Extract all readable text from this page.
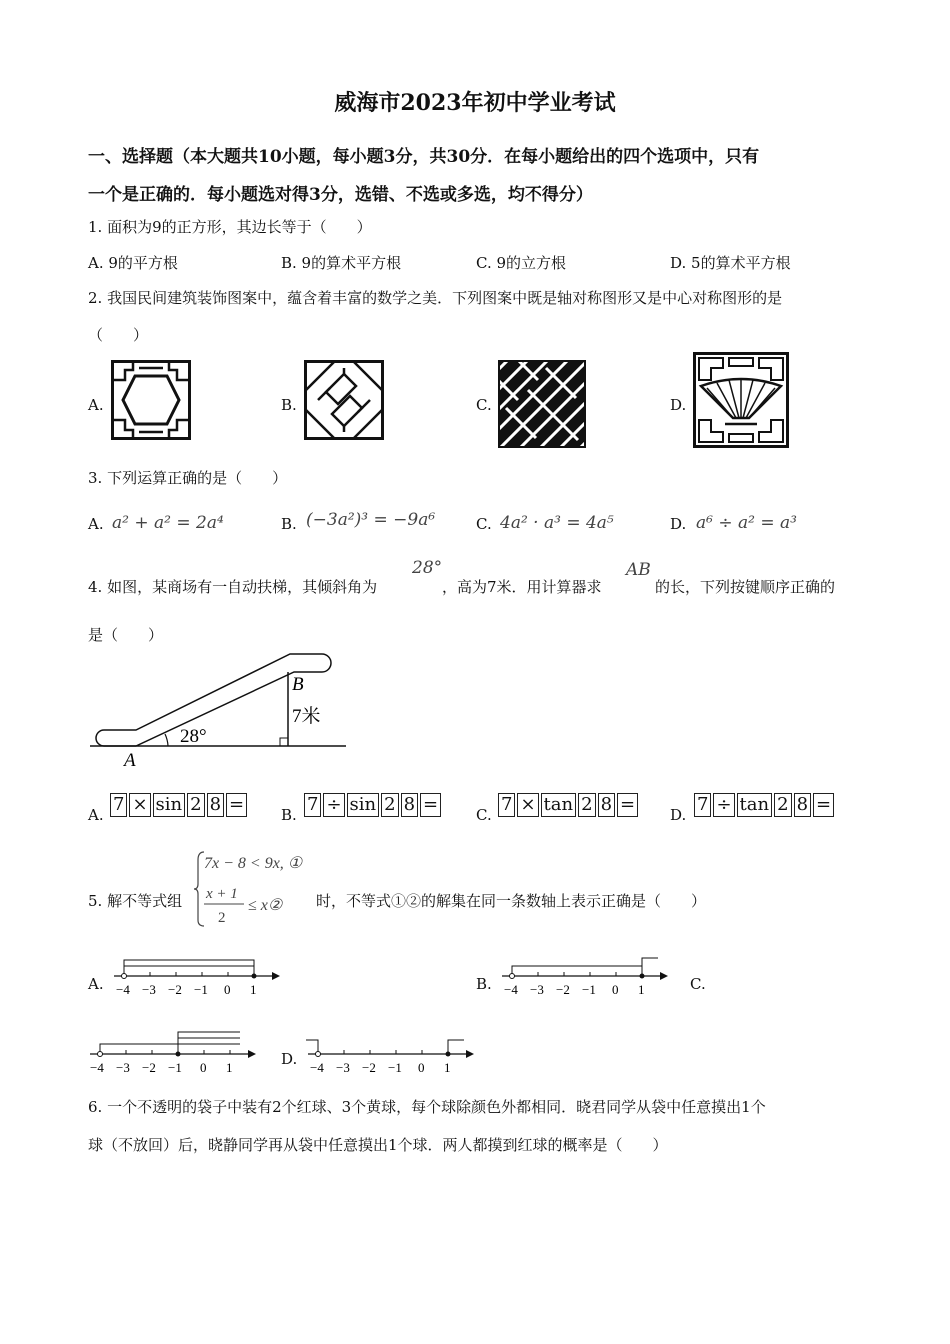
威海市2023年初中学业考试
一、选择题（本大题共10小题，每小题3分，共30分．在每小题给出的四个选项中，只有
一个是正确的．每小题选对得3分，选错、不选或多选，均不得分）
1. 面积为9的正方形，其边长等于（　　）
A. 9的平方根	B. 9的算术平方根	C. 9的立方根	D. 5的算术平方根
2. 我国民间建筑装饰图案中，蕴含着丰富的数学之美．下列图案中既是轴对称图形又是中心对称图形的是
（　　）
A.	B.	C.	D.
3. 下列运算正确的是（　　）
A. a² + a² = 2a⁴	B. (−3a²)³ = −9a⁶	C. 4a² · a³ = 4a⁵	D. a⁶ ÷ a² = a³
4. 如图，某商场有一自动扶梯，其倾斜角为
28°
，高为7米．用计算器求
AB
的长，下列按键顺序正确的
是（　　）
28°
A
B
7米
A. 7 × sin 2 8 =	B. 7 ÷ sin 2 8 =	C. 7 × tan 2 8 =	D. 7 ÷ tan 2 8 =
5. 解不等式组
7x − 8 < 9x, ①
x + 1
2
≤ x② 时，不等式①②的解集在同一条数轴上表示正确是（　　）
A. −4 −3 −2 −1 0 1	B. −4 −3 −2 −1 0 1	C.
−4 −3 −2 −1 0 1	D. −4 −3 −2 −1 0 1
6. 一个不透明的袋子中装有2个红球、3个黄球，每个球除颜色外都相同．晓君同学从袋中任意摸出1个
球（不放回）后，晓静同学再从袋中任意摸出1个球．两人都摸到红球的概率是（　　）
